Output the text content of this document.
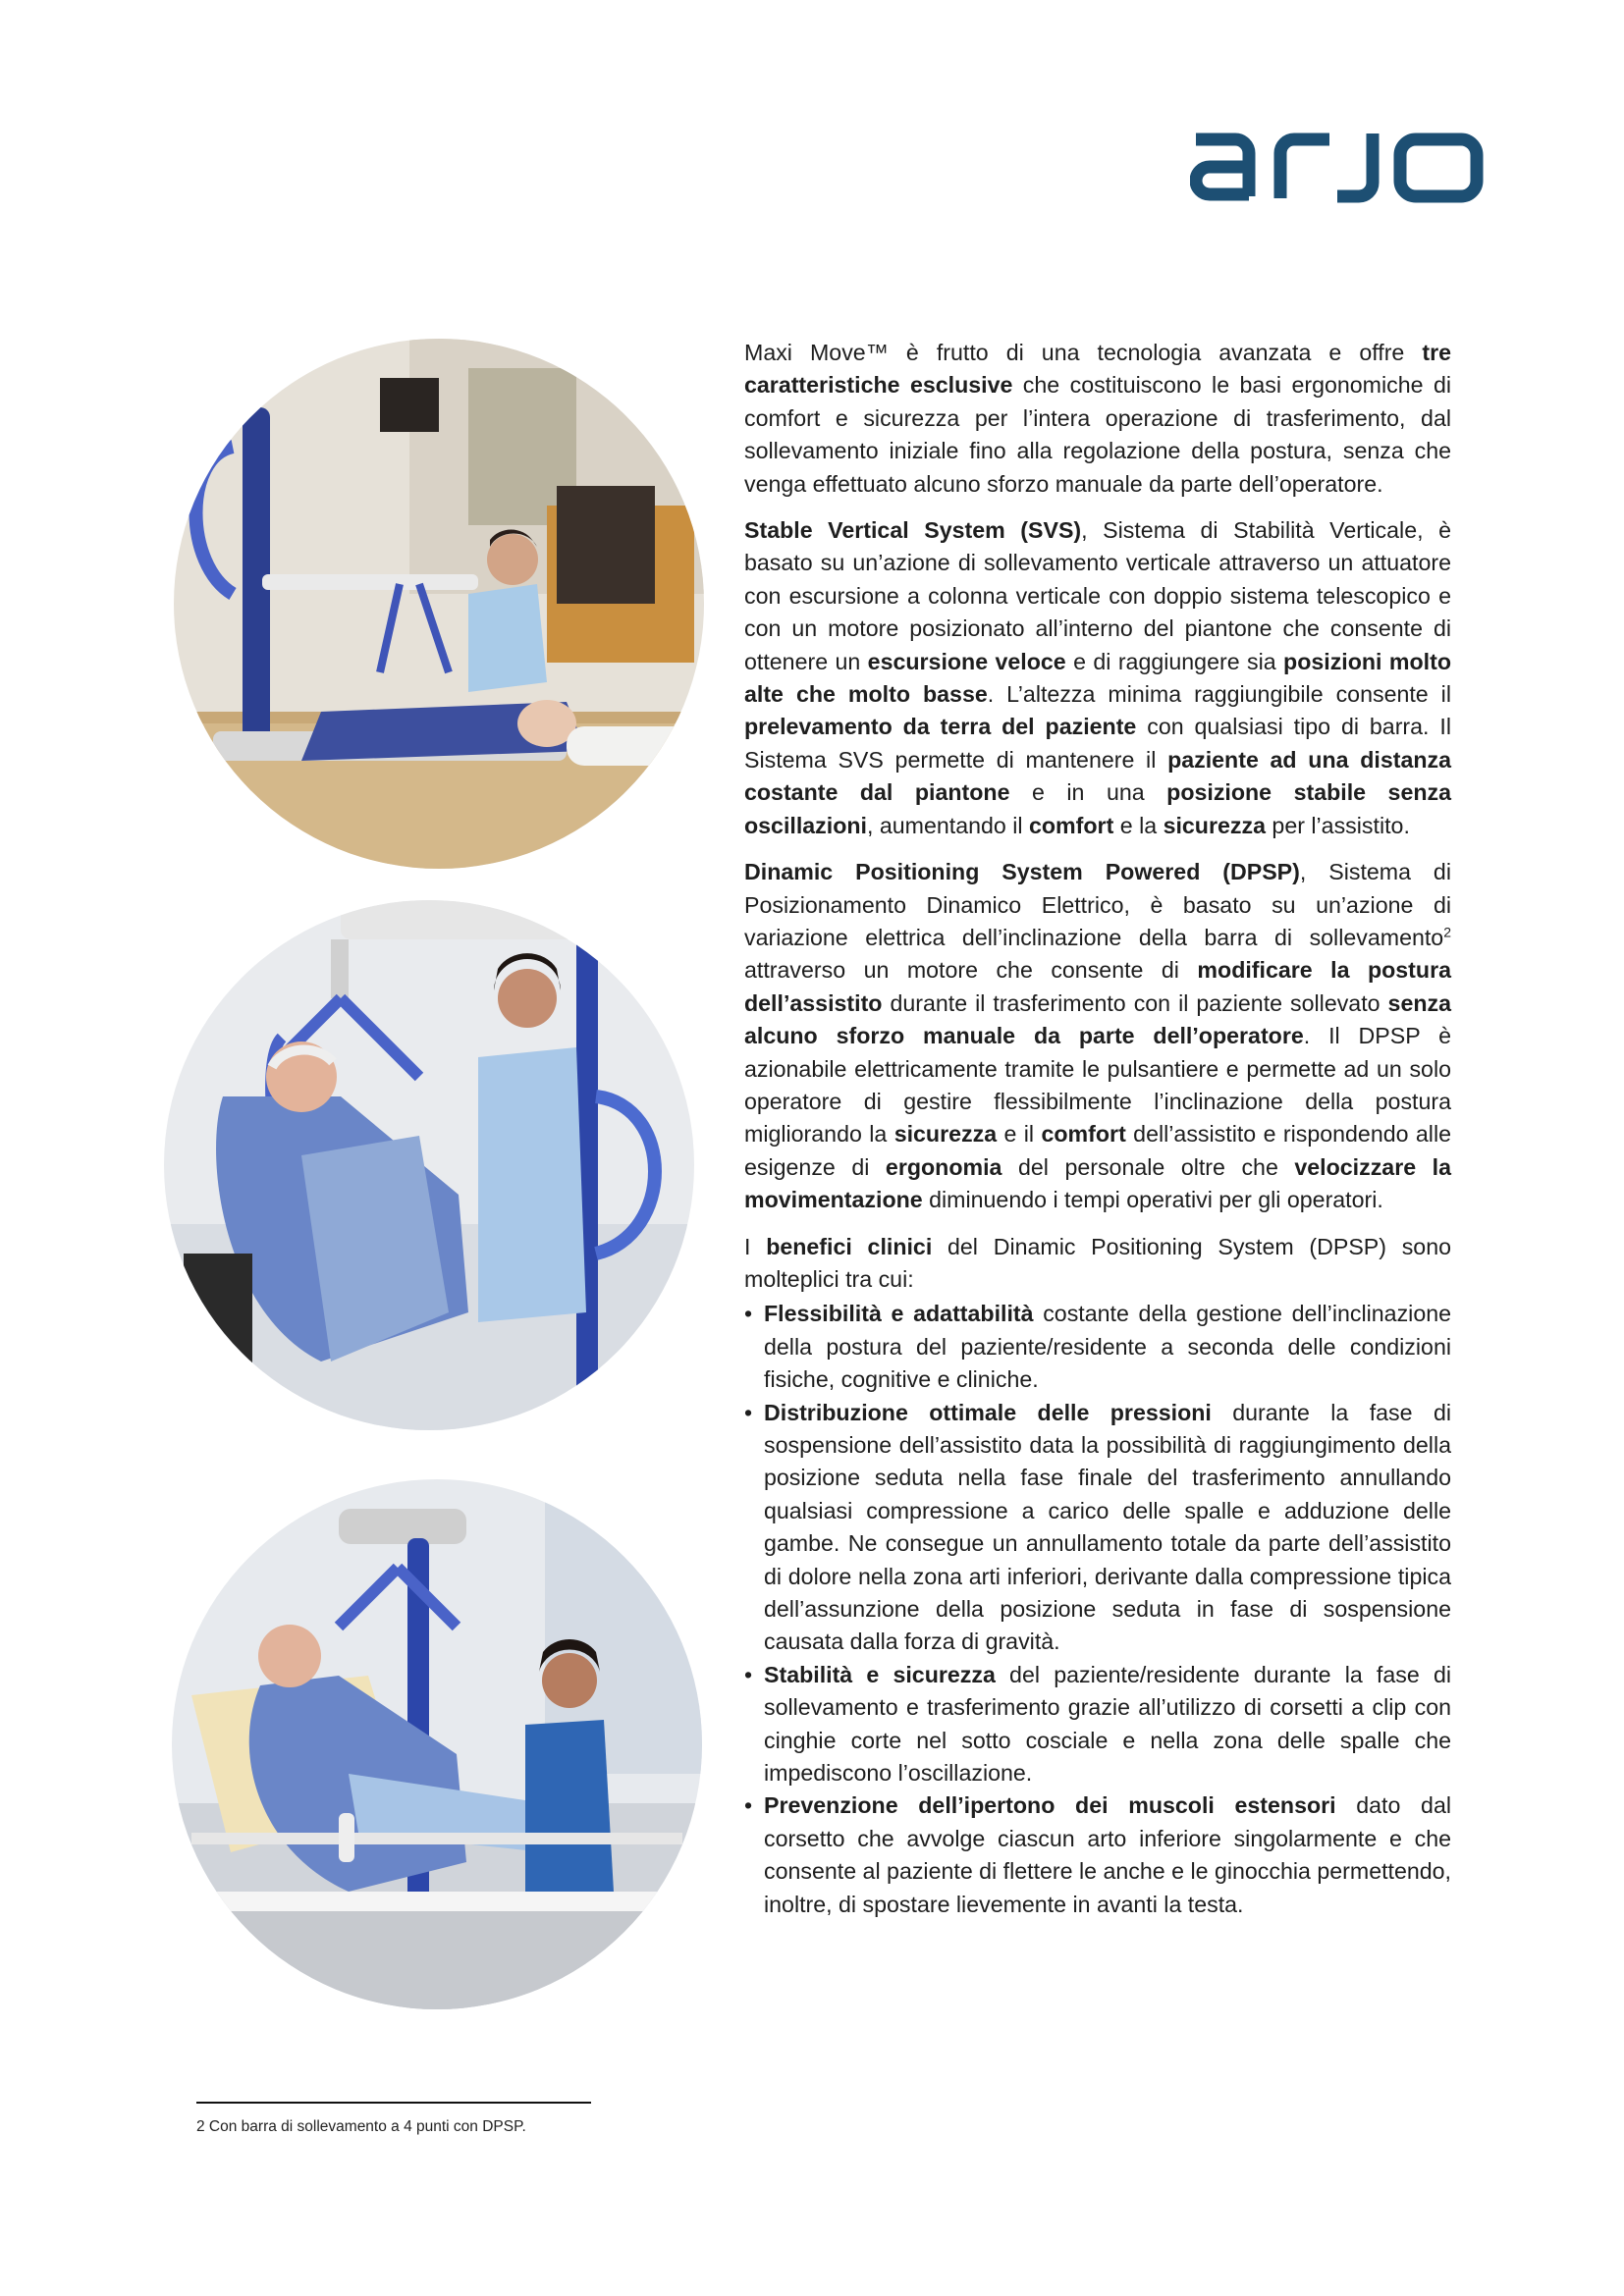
Maxi Move™ è frutto di una tecnologia avanzata e offre tre caratteristiche esclusive che costituiscono le basi ergonomiche di comfort e sicurezza per l’intera operazione di trasferimento, dal sollevamento iniziale fino alla regolazione della postura, senza che venga effettuato alcuno sforzo manuale da parte dell’operatore.

Stable Vertical System (SVS), Sistema di Stabilità Verticale, è basato su un’azione di sollevamento verticale attraverso un attuatore con escursione a colonna verticale con doppio sistema telescopico e con un motore posizionato all’interno del piantone che consente di ottenere un escursione veloce e di raggiungere sia posizioni molto alte che molto basse. L’altezza minima raggiungibile consente il prelevamento da terra del paziente con qualsiasi tipo di barra. Il Sistema SVS permette di mantenere il paziente ad una distanza costante dal piantone e in una posizione stabile senza oscillazioni, aumentando il comfort e la sicurezza per l’assistito.

Dinamic Positioning System Powered (DPSP), Sistema di Posizionamento Dinamico Elettrico, è basato su un’azione di variazione elettrica dell’inclinazione della barra di sollevamento$^2$ attraverso un motore che consente di modificare la postura dell’assistito durante il trasferimento con il paziente sollevato senza alcuno sforzo manuale da parte dell’operatore. Il DPSP è azionabile elettricamente tramite le pulsantiere e permette ad un solo operatore di gestire flessibilmente l’inclinazione della postura migliorando la sicurezza e il comfort dell’assistito e rispondendo alle esigenze di ergonomia del personale oltre che velocizzare la movimentazione diminuendo i tempi operativi per gli operatori.

I benefici clinici del Dinamic Positioning System (DPSP) sono molteplici tra cui:

• Flessibilità e adattabilità costante della gestione dell’inclinazione della postura del paziente/residente a seconda delle condizioni fisiche, cognitive e cliniche.
• Distribuzione ottimale delle pressioni durante la fase di sospensione dell’assistito data la possibilità di raggiungimento della posizione seduta nella fase finale del trasferimento annullando qualsiasi compressione a carico delle spalle e adduzione delle gambe. Ne consegue un annullamento totale da parte dell’assistito di dolore nella zona arti inferiori, derivante dalla compressione tipica dell’assunzione della posizione seduta in fase di sospensione causata dalla forza di gravità.
• Stabilità e sicurezza del paziente/residente durante la fase di sollevamento e trasferimento grazie all’utilizzo di corsetti a clip con cinghie corte nel sotto cosciale e nella zona delle spalle che impediscono l’oscillazione.
• Prevenzione dell’ipertono dei muscoli estensori dato dal corsetto che avvolge ciascun arto inferiore singolarmente e che consente al paziente di flettere le anche e le ginocchia permettendo, inoltre, di spostare lievemente in avanti la testa.
2 Con barra di sollevamento a 4 punti con DPSP.
